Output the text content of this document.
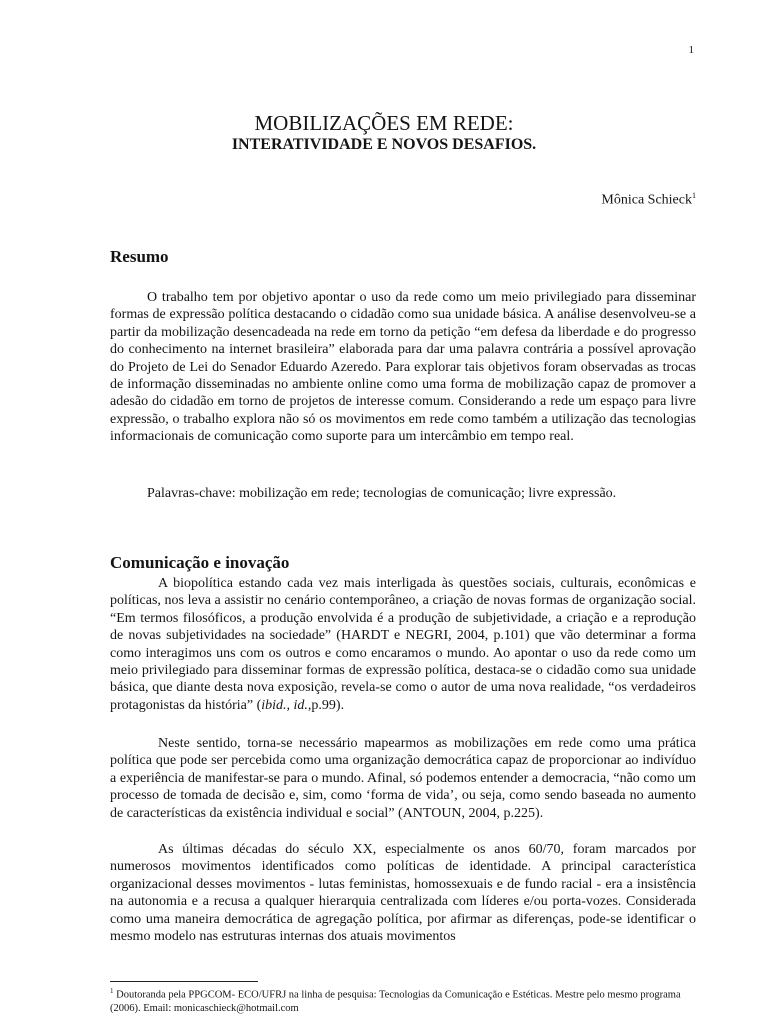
1
MOBILIZAÇÕES EM REDE:
INTERATIVIDADE E NOVOS DESAFIOS.
Mônica Schieck$^1$
Resumo

O trabalho tem por objetivo apontar o uso da rede como um meio privilegiado para disseminar formas de expressão política destacando o cidadão como sua unidade básica. A análise desenvolveu-se a partir da mobilização desencadeada na rede em torno da petição “em defesa da liberdade e do progresso do conhecimento na internet brasileira” elaborada para dar uma palavra contrária a possível aprovação do Projeto de Lei do Senador Eduardo Azeredo. Para explorar tais objetivos foram observadas as trocas de informação disseminadas no ambiente online como uma forma de mobilização capaz de promover a adesão do cidadão em torno de projetos de interesse comum. Considerando a rede um espaço para livre expressão, o trabalho explora não só os movimentos em rede como também a utilização das tecnologias informacionais de comunicação como suporte para um intercâmbio em tempo real.

Palavras-chave: mobilização em rede; tecnologias de comunicação; livre expressão.

Comunicação e inovação

A biopolítica estando cada vez mais interligada às questões sociais, culturais, econômicas e políticas, nos leva a assistir no cenário contemporâneo, a criação de novas formas de organização social. “Em termos filosóficos, a produção envolvida é a produção de subjetividade, a criação e a reprodução de novas subjetividades na sociedade” (HARDT e NEGRI, 2004, p.101) que vão determinar a forma como interagimos uns com os outros e como encaramos o mundo. Ao apontar o uso da rede como um meio privilegiado para disseminar formas de expressão política, destaca-se o cidadão como sua unidade básica, que diante desta nova exposição, revela-se como o autor de uma nova realidade, “os verdadeiros protagonistas da história” (ibid., id.,p.99).

Neste sentido, torna-se necessário mapearmos as mobilizações em rede como uma prática política que pode ser percebida como uma organização democrática capaz de proporcionar ao indivíduo a experiência de manifestar-se para o mundo. Afinal, só podemos entender a democracia, “não como um processo de tomada de decisão e, sim, como ‘forma de vida’, ou seja, como sendo baseada no aumento de características da existência individual e social” (ANTOUN, 2004, p.225).

As últimas décadas do século XX, especialmente os anos 60/70, foram marcados por numerosos movimentos identificados como políticas de identidade. A principal característica organizacional desses movimentos - lutas feministas, homossexuais e de fundo racial - era a insistência na autonomia e a recusa a qualquer hierarquia centralizada com líderes e/ou porta-vozes. Considerada como uma maneira democrática de agregação política, por afirmar as diferenças, pode-se identificar o mesmo modelo nas estruturas internas dos atuais movimentos

$^1$ Doutoranda pela PPGCOM- ECO/UFRJ na linha de pesquisa: Tecnologias da Comunicação e Estéticas. Mestre pelo mesmo programa (2006). Email: monicaschieck@hotmail.com
